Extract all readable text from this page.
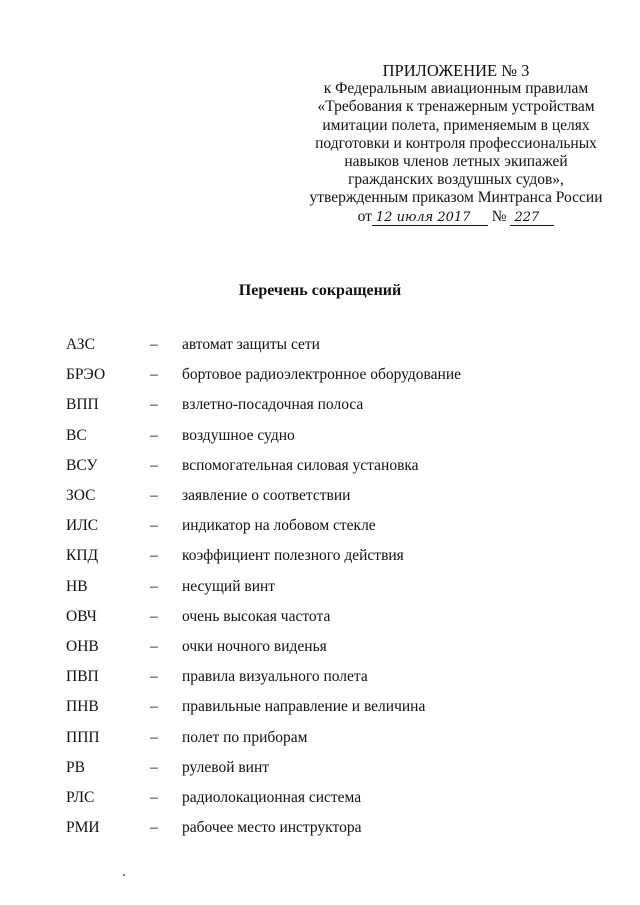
ПРИЛОЖЕНИЕ № 3
к Федеральным авиационным правилам
«Требования к тренажерным устройствам
имитации полета, применяемым в целях
подготовки и контроля профессиональных
навыков членов летных экипажей
гражданских воздушных судов»,
утвержденным приказом Минтранса России
от 12 июля 2017 № 227
Перечень сокращений
АЗС	– автомат защиты сети
БРЭО	– бортовое радиоэлектронное оборудование
ВПП	– взлетно-посадочная полоса
ВС	– воздушное судно
ВСУ	– вспомогательная силовая установка
ЗОС	– заявление о соответствии
ИЛС	– индикатор на лобовом стекле
КПД	– коэффициент полезного действия
НВ	– несущий винт
ОВЧ	– очень высокая частота
ОНВ	– очки ночного виденья
ПВП	– правила визуального полета
ПНВ	– правильные направление и величина
ППП	– полет по приборам
РВ	– рулевой винт
РЛС	– радиолокационная система
РМИ	– рабочее место инструктора
